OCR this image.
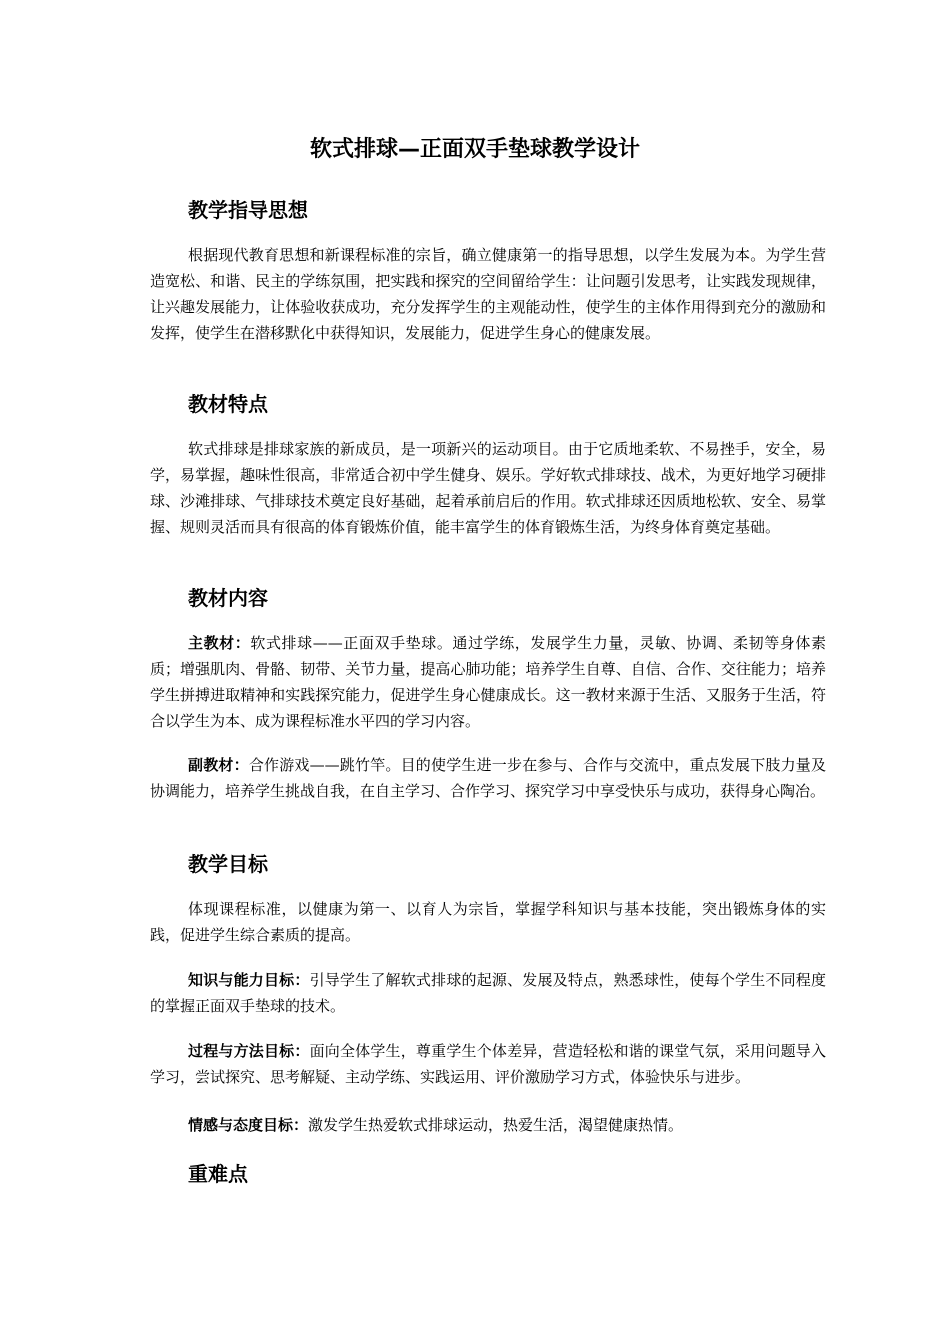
软式排球—正面双手垫球教学设计
教学指导思想

根据现代教育思想和新课程标准的宗旨，确立健康第一的指导思想，以学生发展为本。为学生营造宽松、和谐、民主的学练氛围，把实践和探究的空间留给学生：让问题引发思考，让实践发现规律，让兴趣发展能力，让体验收获成功，充分发挥学生的主观能动性，使学生的主体作用得到充分的激励和发挥，使学生在潜移默化中获得知识，发展能力，促进学生身心的健康发展。

教材特点

软式排球是排球家族的新成员，是一项新兴的运动项目。由于它质地柔软、不易挫手，安全，易学，易掌握，趣味性很高，非常适合初中学生健身、娱乐。学好软式排球技、战术，为更好地学习硬排球、沙滩排球、气排球技术奠定良好基础，起着承前启后的作用。软式排球还因质地松软、安全、易掌握、规则灵活而具有很高的体育锻炼价值，能丰富学生的体育锻炼生活，为终身体育奠定基础。

教材内容

主教材：软式排球——正面双手垫球。通过学练，发展学生力量，灵敏、协调、柔韧等身体素质；增强肌肉、骨骼、韧带、关节力量，提高心肺功能；培养学生自尊、自信、合作、交往能力；培养学生拼搏进取精神和实践探究能力，促进学生身心健康成长。这一教材来源于生活、又服务于生活，符合以学生为本、成为课程标准水平四的学习内容。

副教材：合作游戏——跳竹竿。目的使学生进一步在参与、合作与交流中，重点发展下肢力量及协调能力，培养学生挑战自我，在自主学习、合作学习、探究学习中享受快乐与成功，获得身心陶冶。

教学目标

体现课程标准，以健康为第一、以育人为宗旨，掌握学科知识与基本技能，突出锻炼身体的实践，促进学生综合素质的提高。

知识与能力目标：引导学生了解软式排球的起源、发展及特点，熟悉球性，使每个学生不同程度的掌握正面双手垫球的技术。

过程与方法目标：面向全体学生，尊重学生个体差异，营造轻松和谐的课堂气氛，采用问题导入学习，尝试探究、思考解疑、主动学练、实践运用、评价激励学习方式，体验快乐与进步。

情感与态度目标：激发学生热爱软式排球运动，热爱生活，渴望健康热情。

重难点
